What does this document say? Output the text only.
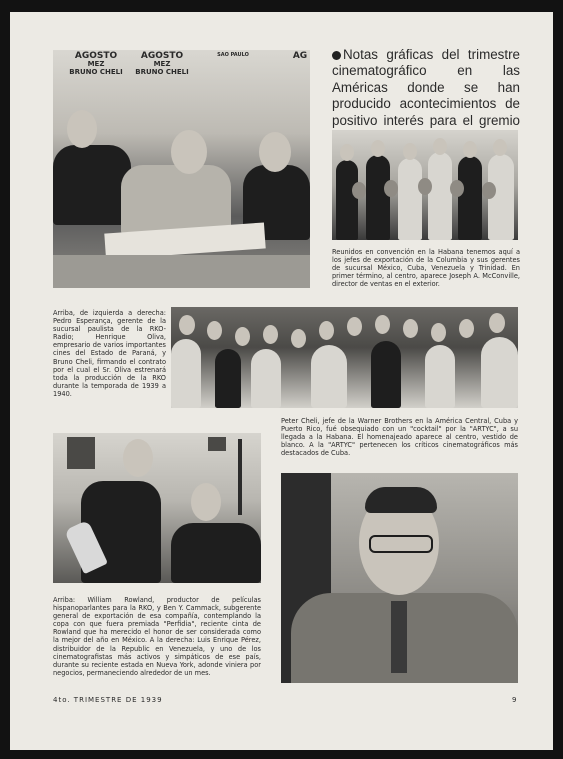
AGOSTO
MEZ
BRUNO CHELI
AGOSTO
MEZ
BRUNO CHELI
SAO PAULO	AG	Notas gráficas del trimestre cinematográfico en las Américas donde se han producido acontecimientos de positivo interés para el gremio

Reunidos en convención en la Habana tenemos aquí a los jefes de exportación de la Columbia y sus gerentes de sucursal México, Cuba, Venezuela y Trinidad. En primer término, al centro, aparece Joseph A. McConville, director de ventas en el exterior.

Arriba, de izquierda a derecha: Pedro Esperança, gerente de la sucursal paulista de la RKO-Radio; Henrique Oliva, empresario de varios importantes cines del Estado de Paraná, y Bruno Cheli, firmando el contrato por el cual el Sr. Oliva estrenará toda la producción de la RKO durante la temporada de 1939 a 1940.

Peter Cheli, jefe de la Warner Brothers en la América Central, Cuba y Puerto Rico, fué obsequiado con un "cocktail" por la "ARTYC", a su llegada a la Habana. El homenajeado aparece al centro, vestido de blanco. A la "ARTYC" pertenecen los críticos cinematográficos más destacados de Cuba.

Arriba: William Rowland, productor de películas hispanoparlantes para la RKO, y Ben Y. Cammack, subgerente general de exportación de esa compañía, contemplando la copa con que fuera premiada "Perfidia", reciente cinta de Rowland que ha merecido el honor de ser considerada como la mejor del año en México. A la derecha: Luis Enrique Pérez, distribuidor de la Republic en Venezuela, y uno de los cinematografistas más activos y simpáticos de ese país, durante su reciente estada en Nueva York, adonde viniera por negocios, permaneciendo alrededor de un mes.

4to. TRIMESTRE DE 1939	9
